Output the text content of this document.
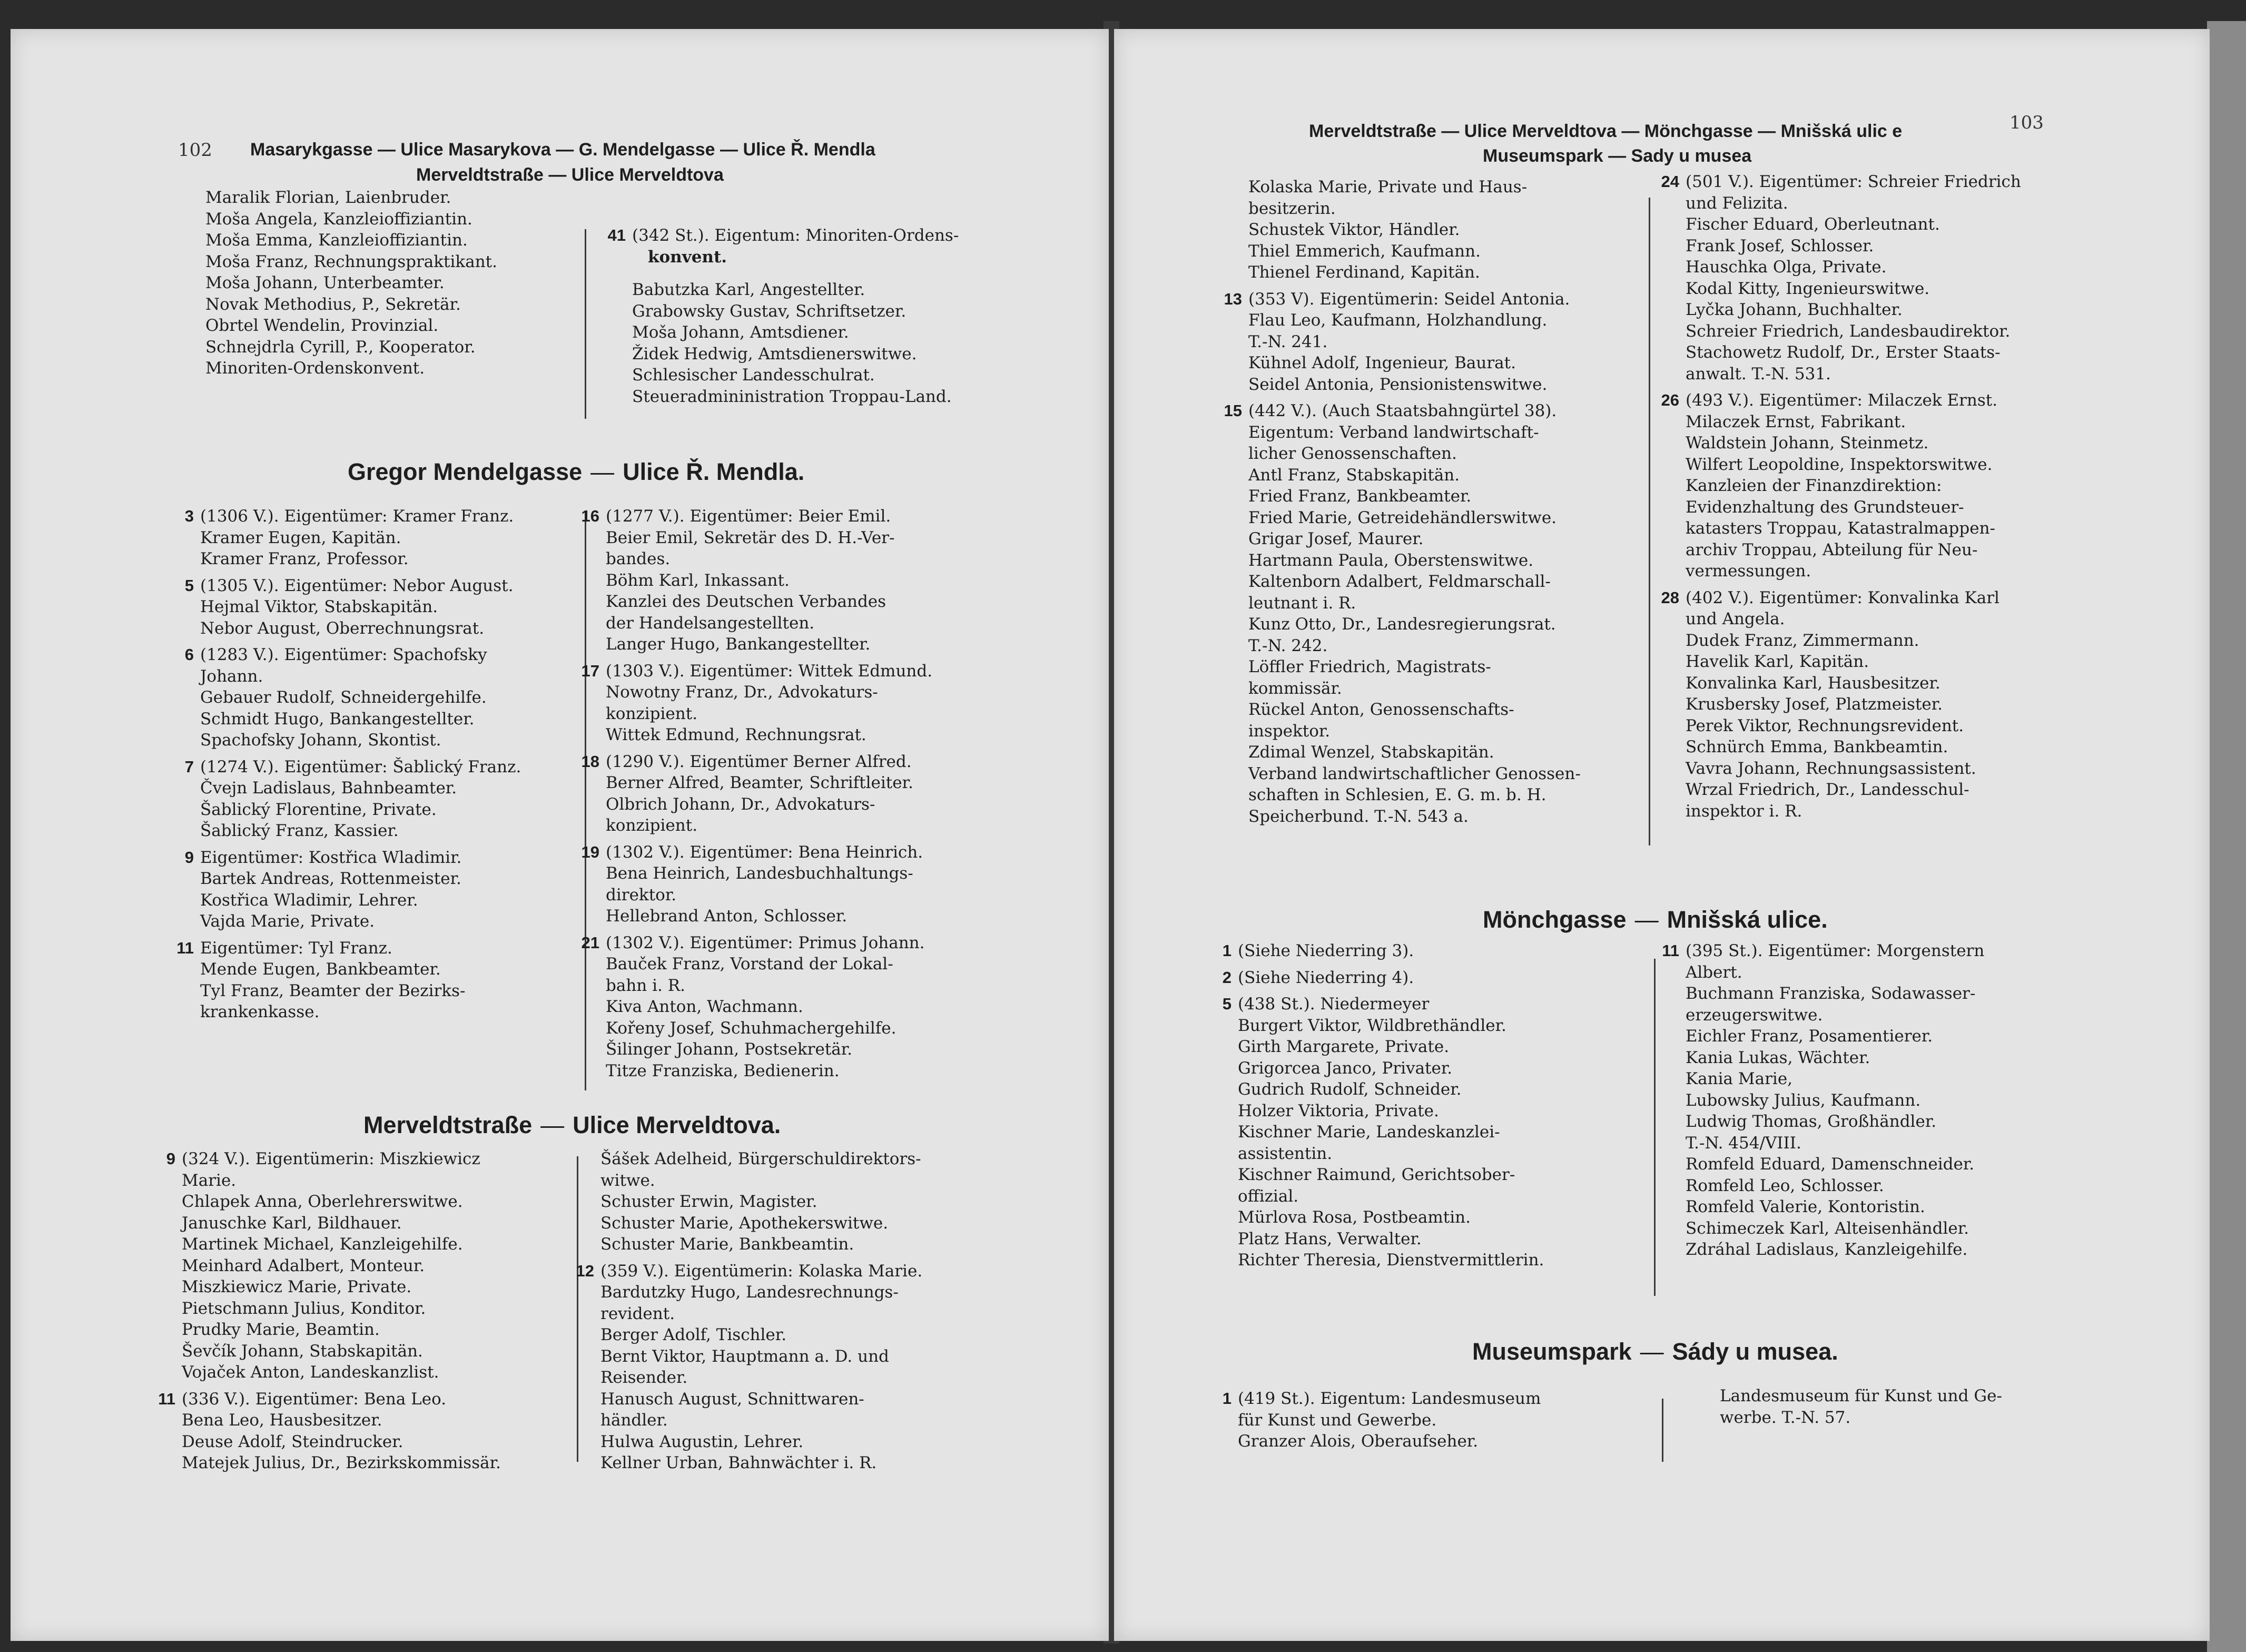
102 Masarykgasse — Ulice Masarykova — G. Mendelgasse — Ulice Ř. Mendla
Merveldtstraße — Ulice Merveldtova

Maralik Florian, Laienbruder.

Moša Angela, Kanzleioffiziantin.

Moša Emma, Kanzleioffiziantin.

Moša Franz, Rechnungspraktikant.

Moša Johann, Unterbeamter.

Novak Methodius, P., Sekretär.

Obrtel Wendelin, Provinzial.

Schnejdrla Cyrill, P., Kooperator.

Minoriten-Ordenskonvent.

41 (342 St.). Eigentum: Minoriten-Ordens-

konvent.

Babutzka Karl, Angestellter.

Grabowsky Gustav, Schriftsetzer.

Moša Johann, Amtsdiener.

Židek Hedwig, Amtsdienerswitwe.

Schlesischer Landesschulrat.

Steueradmininistration Troppau-Land.

Gregor Mendelgasse — Ulice Ř. Mendla.
3 (1306 V.). Eigentümer: Kramer Franz.

Kramer Eugen, Kapitän.

Kramer Franz, Professor.

5 (1305 V.). Eigentümer: Nebor August.

Hejmal Viktor, Stabskapitän.

Nebor August, Oberrechnungsrat.

6 (1283 V.). Eigentümer: Spachofsky

Johann.

Gebauer Rudolf, Schneidergehilfe.

Schmidt Hugo, Bankangestellter.

Spachofsky Johann, Skontist.

7 (1274 V.). Eigentümer: Šablický Franz.

Čvejn Ladislaus, Bahnbeamter.

Šablický Florentine, Private.

Šablický Franz, Kassier.

9 Eigentümer: Kostřica Wladimir.

Bartek Andreas, Rottenmeister.

Kostřica Wladimir, Lehrer.

Vajda Marie, Private.

11 Eigentümer: Tyl Franz.

Mende Eugen, Bankbeamter.

Tyl Franz, Beamter der Bezirks-

krankenkasse.

16 (1277 V.). Eigentümer: Beier Emil.

Beier Emil, Sekretär des D. H.-Ver-

bandes.

Böhm Karl, Inkassant.

Kanzlei des Deutschen Verbandes

der Handelsangestellten.

Langer Hugo, Bankangestellter.

17 (1303 V.). Eigentümer: Wittek Edmund.

Nowotny Franz, Dr., Advokaturs-

konzipient.

Wittek Edmund, Rechnungsrat.

18 (1290 V.). Eigentümer Berner Alfred.

Berner Alfred, Beamter, Schriftleiter.

Olbrich Johann, Dr., Advokaturs-

konzipient.

19 (1302 V.). Eigentümer: Bena Heinrich.

Bena Heinrich, Landesbuchhaltungs-

direktor.

Hellebrand Anton, Schlosser.

21 (1302 V.). Eigentümer: Primus Johann.

Bauček Franz, Vorstand der Lokal-

bahn i. R.

Kiva Anton, Wachmann.

Kořeny Josef, Schuhmachergehilfe.

Šilinger Johann, Postsekretär.

Titze Franziska, Bedienerin.

Merveldtstraße — Ulice Merveldtova.
9 (324 V.). Eigentümerin: Miszkiewicz

Marie.

Chlapek Anna, Oberlehrerswitwe.

Januschke Karl, Bildhauer.

Martinek Michael, Kanzleigehilfe.

Meinhard Adalbert, Monteur.

Miszkiewicz Marie, Private.

Pietschmann Julius, Konditor.

Prudky Marie, Beamtin.

Ševčík Johann, Stabskapitän.

Vojaček Anton, Landeskanzlist.

11 (336 V.). Eigentümer: Bena Leo.

Bena Leo, Hausbesitzer.

Deuse Adolf, Steindrucker.

Matejek Julius, Dr., Bezirkskommissär.

Šášek Adelheid, Bürgerschuldirektors-

witwe.

Schuster Erwin, Magister.

Schuster Marie, Apothekerswitwe.

Schuster Marie, Bankbeamtin.

12 (359 V.). Eigentümerin: Kolaska Marie.

Bardutzky Hugo, Landesrechnungs-

revident.

Berger Adolf, Tischler.

Bernt Viktor, Hauptmann a. D. und

Reisender.

Hanusch August, Schnittwaren-

händler.

Hulwa Augustin, Lehrer.

Kellner Urban, Bahnwächter i. R.

Merveldtstraße — Ulice Merveldtova — Mönchgasse — Mnišská ulic e	103
Museumspark — Sady u musea

Kolaska Marie, Private und Haus-

besitzerin.

Schustek Viktor, Händler.

Thiel Emmerich, Kaufmann.

Thienel Ferdinand, Kapitän.

13 (353 V). Eigentümerin: Seidel Antonia.

Flau Leo, Kaufmann, Holzhandlung.

T.-N. 241.

Kühnel Adolf, Ingenieur, Baurat.

Seidel Antonia, Pensionistenswitwe.

15 (442 V.). (Auch Staatsbahngürtel 38).

Eigentum: Verband landwirtschaft-

licher Genossenschaften.

Antl Franz, Stabskapitän.

Fried Franz, Bankbeamter.

Fried Marie, Getreidehändlerswitwe.

Grigar Josef, Maurer.

Hartmann Paula, Oberstenswitwe.

Kaltenborn Adalbert, Feldmarschall-

leutnant i. R.

Kunz Otto, Dr., Landesregierungsrat.

T.-N. 242.

Löffler Friedrich, Magistrats-

kommissär.

Rückel Anton, Genossenschafts-

inspektor.

Zdimal Wenzel, Stabskapitän.

Verband landwirtschaftlicher Genossen-

schaften in Schlesien, E. G. m. b. H.

Speicherbund. T.-N. 543 a.

24 (501 V.). Eigentümer: Schreier Friedrich

und Felizita.

Fischer Eduard, Oberleutnant.

Frank Josef, Schlosser.

Hauschka Olga, Private.

Kodal Kitty, Ingenieurswitwe.

Lyčka Johann, Buchhalter.

Schreier Friedrich, Landesbaudirektor.

Stachowetz Rudolf, Dr., Erster Staats-

anwalt. T.-N. 531.

26 (493 V.). Eigentümer: Milaczek Ernst.

Milaczek Ernst, Fabrikant.

Waldstein Johann, Steinmetz.

Wilfert Leopoldine, Inspektorswitwe.

Kanzleien der Finanzdirektion:

Evidenzhaltung des Grundsteuer-

katasters Troppau, Katastralmappen-

archiv Troppau, Abteilung für Neu-

vermessungen.

28 (402 V.). Eigentümer: Konvalinka Karl

und Angela.

Dudek Franz, Zimmermann.

Havelik Karl, Kapitän.

Konvalinka Karl, Hausbesitzer.

Krusbersky Josef, Platzmeister.

Perek Viktor, Rechnungsrevident.

Schnürch Emma, Bankbeamtin.

Vavra Johann, Rechnungsassistent.

Wrzal Friedrich, Dr., Landesschul-

inspektor i. R.

Mönchgasse — Mnišská ulice.
1 (Siehe Niederring 3).

2 (Siehe Niederring 4).

5 (438 St.). Niedermeyer

Burgert Viktor, Wildbrethändler.

Girth Margarete, Private.

Grigorcea Janco, Privater.

Gudrich Rudolf, Schneider.

Holzer Viktoria, Private.

Kischner Marie, Landeskanzlei-

assistentin.

Kischner Raimund, Gerichtsober-

offizial.

Mürlova Rosa, Postbeamtin.

Platz Hans, Verwalter.

Richter Theresia, Dienstvermittlerin.

11 (395 St.). Eigentümer: Morgenstern

Albert.

Buchmann Franziska, Sodawasser-

erzeugerswitwe.

Eichler Franz, Posamentierer.

Kania Lukas, Wächter.

Kania Marie,

Lubowsky Julius, Kaufmann.

Ludwig Thomas, Großhändler.

T.-N. 454/VIII.

Romfeld Eduard, Damenschneider.

Romfeld Leo, Schlosser.

Romfeld Valerie, Kontoristin.

Schimeczek Karl, Alteisenhändler.

Zdráhal Ladislaus, Kanzleigehilfe.

Museumspark — Sády u musea.
1 (419 St.). Eigentum: Landesmuseum

für Kunst und Gewerbe.

Granzer Alois, Oberaufseher.

Landesmuseum für Kunst und Ge-

werbe. T.-N. 57.
